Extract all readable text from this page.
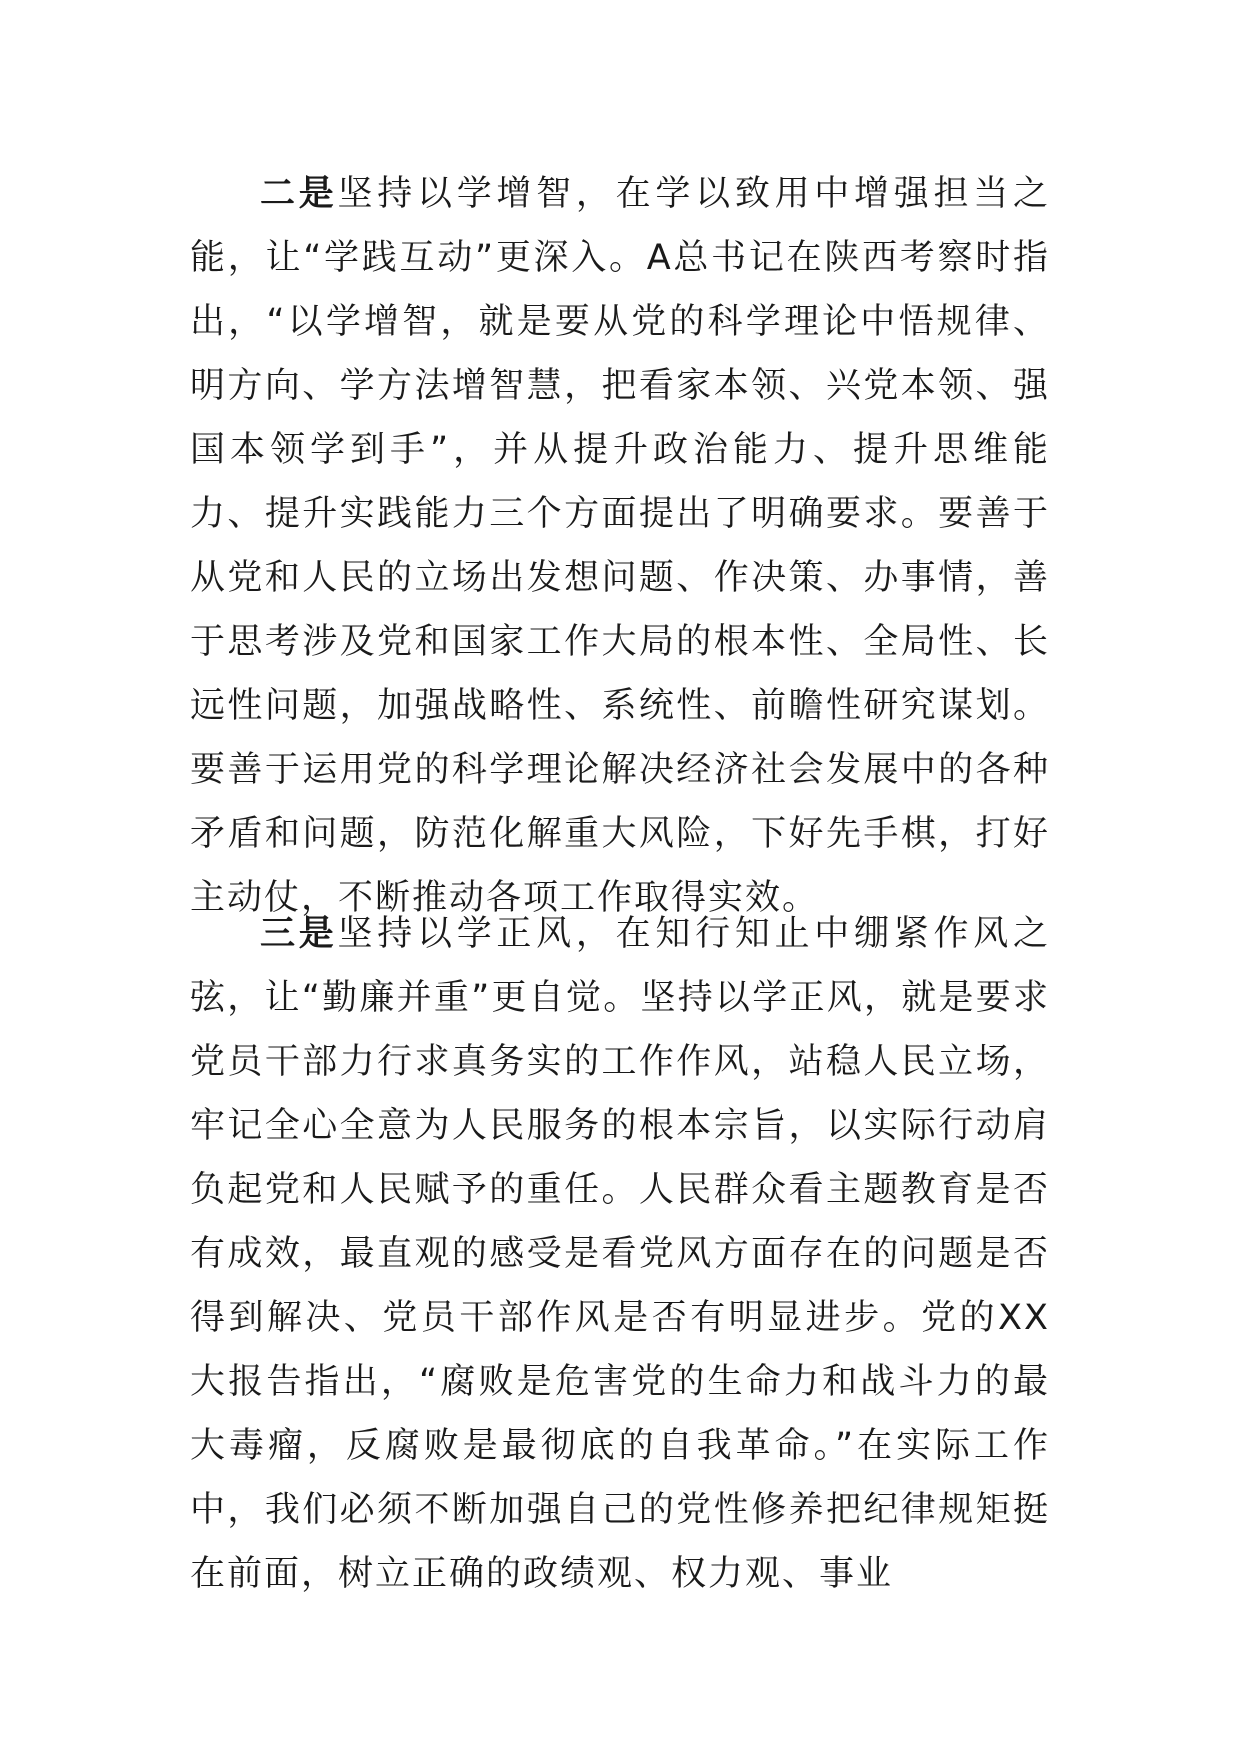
二是坚持以学增智，在学以致用中增强担当之能，让“学践互动”更深入。A总书记在陕西考察时指出，“以学增智，就是要从党的科学理论中悟规律、明方向、学方法增智慧，把看家本领、兴党本领、强国本领学到手”，并从提升政治能力、提升思维能力、提升实践能力三个方面提出了明确要求。要善于从党和人民的立场出发想问题、作决策、办事情，善于思考涉及党和国家工作大局的根本性、全局性、长远性问题，加强战略性、系统性、前瞻性研究谋划。要善于运用党的科学理论解决经济社会发展中的各种矛盾和问题，防范化解重大风险，下好先手棋，打好主动仗，不断推动各项工作取得实效。

三是坚持以学正风，在知行知止中绷紧作风之弦，让“勤廉并重”更自觉。坚持以学正风，就是要求党员干部力行求真务实的工作作风，站稳人民立场，牢记全心全意为人民服务的根本宗旨，以实际行动肩负起党和人民赋予的重任。人民群众看主题教育是否有成效，最直观的感受是看党风方面存在的问题是否得到解决、党员干部作风是否有明显进步。党的XX大报告指出，“腐败是危害党的生命力和战斗力的最大毒瘤，反腐败是最彻底的自我革命。”在实际工作中，我们必须不断加强自己的党性修养把纪律规矩挺在前面，树立正确的政绩观、权力观、事业
